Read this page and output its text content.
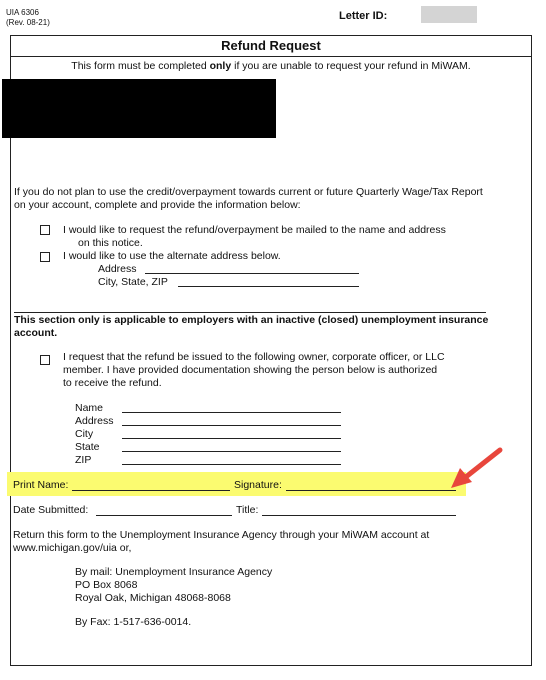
UIA 6306
(Rev. 08-21)
Letter ID:
Refund Request
This form must be completed only if you are unable to request your refund in MiWAM.
If you do not plan to use the credit/overpayment towards current or future Quarterly Wage/Tax Report
on your account, complete and provide the information below:
I would like to request the refund/overpayment be mailed to the name and address
on this notice.
I would like to use the alternate address below.
Address
City, State, ZIP
This section only is applicable to employers with an inactive (closed) unemployment insurance
account.
I request that the refund be issued to the following owner, corporate officer, or LLC
member. I have provided documentation showing the person below is authorized
to receive the refund.
Name
Address
City
State
ZIP
Print Name:	Signature:
Date Submitted:	Title:
Return this form to the Unemployment Insurance Agency through your MiWAM account at
www.michigan.gov/uia or,
By mail: Unemployment Insurance Agency
PO Box 8068
Royal Oak, Michigan 48068-8068
By Fax: 1-517-636-0014.
